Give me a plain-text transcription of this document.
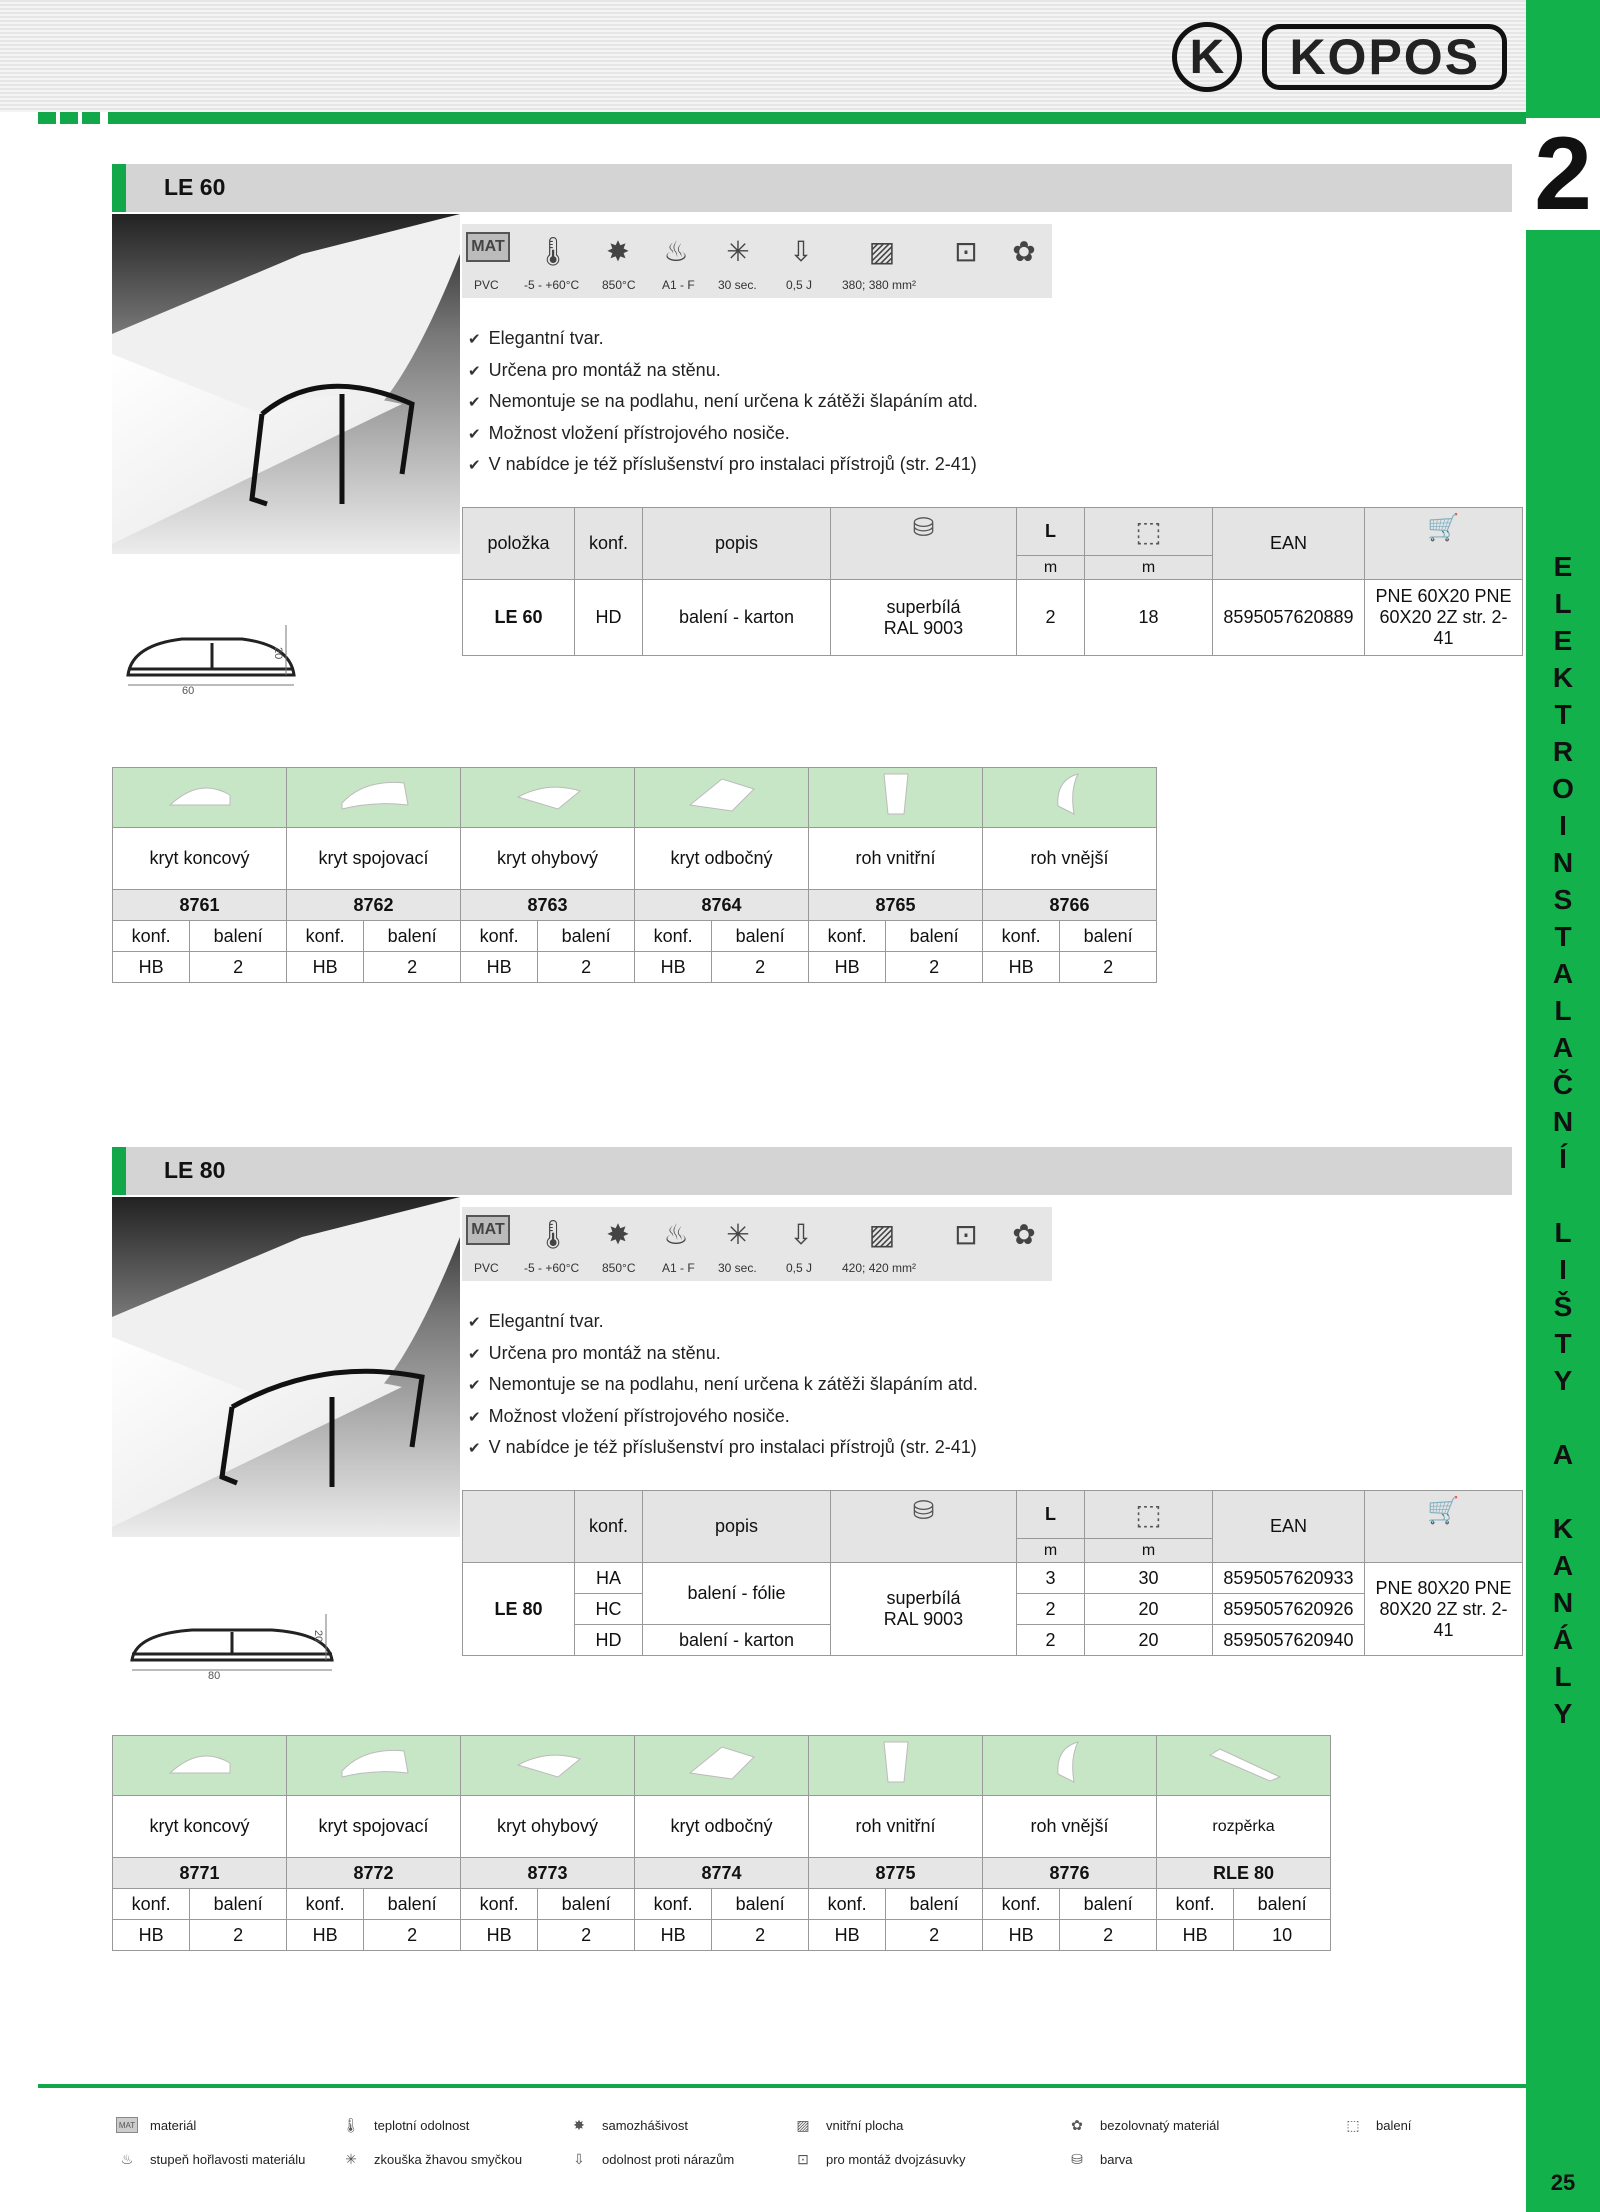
K KOPOS
2
E
L
E
K
T
R
O
I
N
S
T
A
L
A
Č
N
Í
L
I
Š
T
Y
A
K
A
N
Á
L
Y
25
LE 60
60
20
MAT 🌡 ✸ ♨ ✳ ⇩ ▨ ⊡	✿
PVC -5 - +60°C 850°C A1 - F 30 sec. 0,5 J 380; 380 mm²
✔ Elegantní tvar.
✔ Určena pro montáž na stěnu.
✔ Nemontuje se na podlahu, není určena k zátěži šlapáním atd.
✔ Možnost vložení přístrojového nosiče.
✔ V nabídce je též příslušenství pro instalaci přístrojů (str. 2-41)
položka	konf.	popis	⛁	L	⬚	EAN	🛒
				m	m		
LE 60	HD	balení - karton	superbílá RAL 9003	2	18	8595057620889	PNE 60X20 PNE 60X20 2Z str. 2-41

kryt koncový		kryt spojovací		kryt ohybový		kryt odbočný		roh vnitřní		roh vnější	
8761		8762		8763		8764		8765		8766	
konf.	balení	konf.	balení	konf.	balení	konf.	balení	konf.	balení	konf.	balení
HB	2	HB	2	HB	2	HB	2	HB	2	HB	2
LE 80
80
20
MAT 🌡 ✸ ♨ ✳ ⇩ ▨ ⊡	✿
PVC -5 - +60°C 850°C A1 - F 30 sec. 0,5 J 420; 420 mm²
✔ Elegantní tvar.
✔ Určena pro montáž na stěnu.
✔ Nemontuje se na podlahu, není určena k zátěži šlapáním atd.
✔ Možnost vložení přístrojového nosiče.
✔ V nabídce je též příslušenství pro instalaci přístrojů (str. 2-41)
	konf.	popis	⛁	L	⬚	EAN	🛒
				m	m		
LE 80	HA	balení - fólie	superbílá RAL 9003	3	30	8595057620933	PNE 80X20 PNE 80X20 2Z str. 2-41
	HC			2	20	8595057620926	
	HD	balení - karton		2	20	8595057620940	

kryt koncový		kryt spojovací		kryt ohybový		kryt odbočný		roh vnitřní		roh vnější		rozpěrka	
8771		8772		8773		8774		8775		8776		RLE 80	
konf.	balení	konf.	balení	konf.	balení	konf.	balení	konf.	balení	konf.	balení	konf.	balení
HB	2	HB	2	HB	2	HB	2	HB	2	HB	2	HB	10
MAT materiál	🌡 teplotní odolnost	✸	samozhášivost	▨	vnitřní plocha	✿	bezolovnatý materiál	⬚	balení
♨	stupeň hořlavosti materiálu	✳	zkouška žhavou smyčkou	⇩	odolnost proti nárazům	⊡	pro montáž dvojzásuvky	⛁	barva
